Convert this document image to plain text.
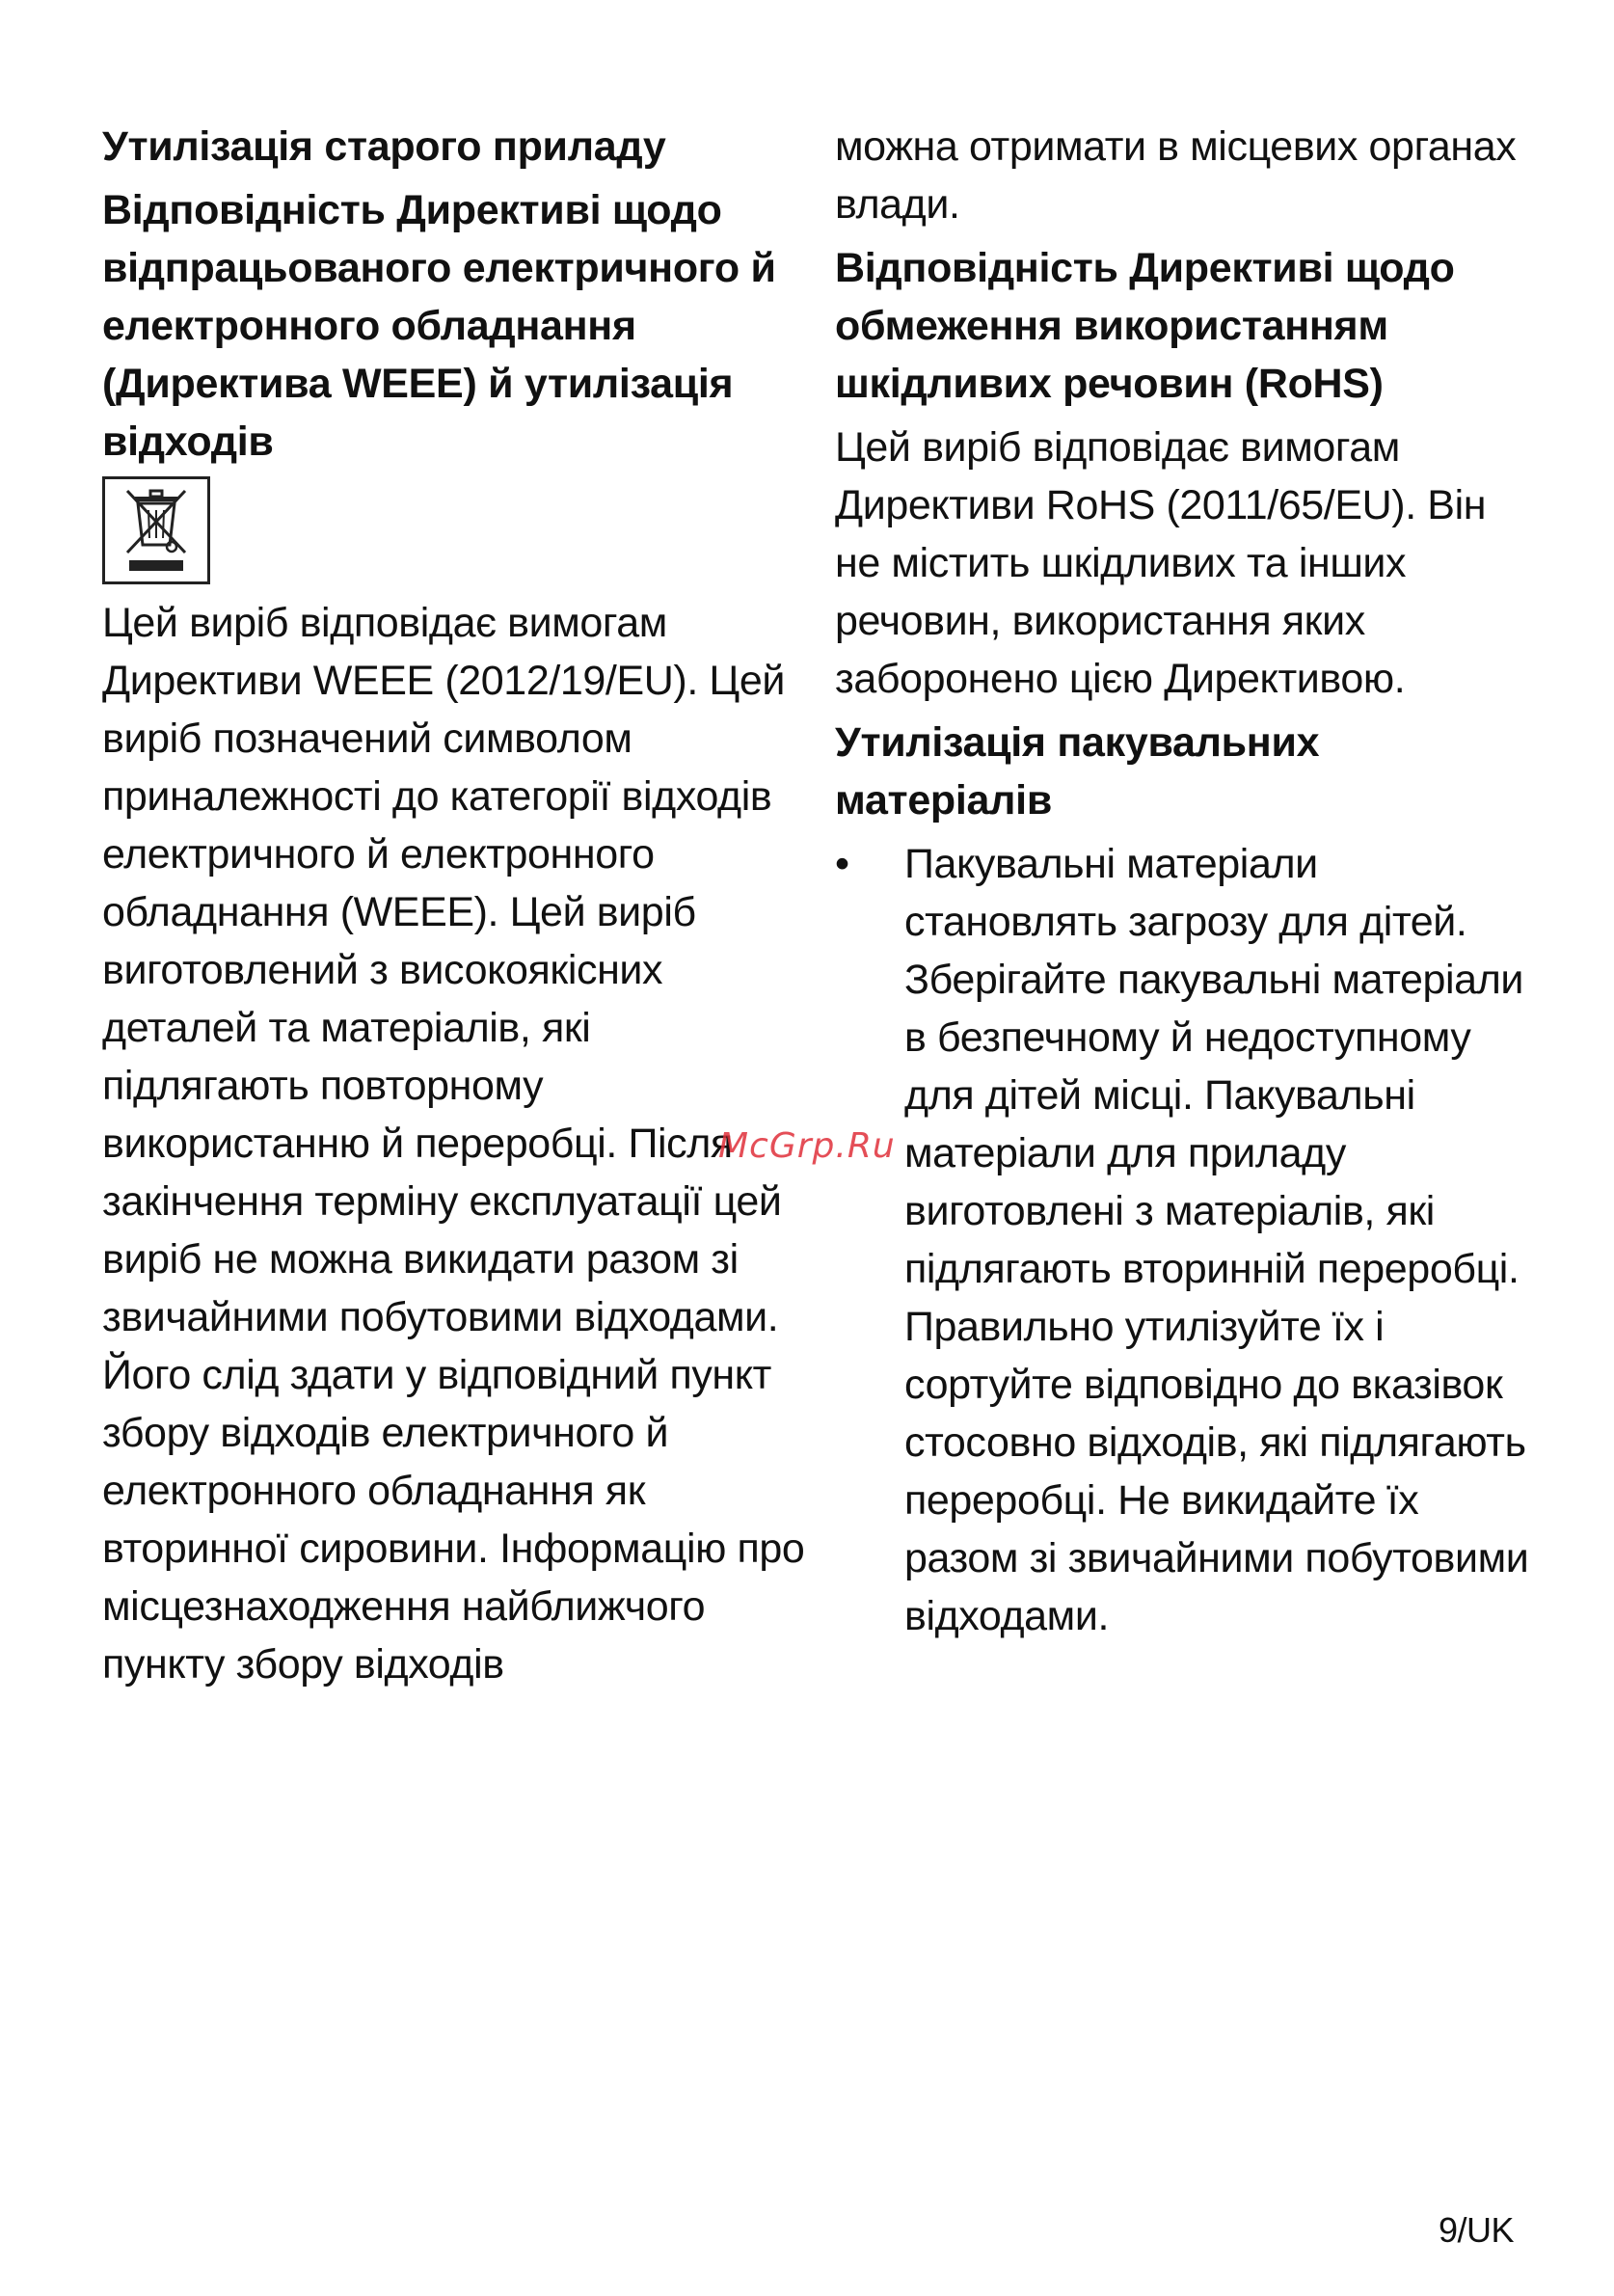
Утилізація старого приладу
Відповідність Директиві щодо відпрацьованого електричного й електронного обладнання (Директива WEEE) й утилізація відходів

Цей виріб відповідає вимогам Директиви WEEE (2012/19/EU). Цей виріб позначений символом приналежності до категорії відходів електричного й електронного обладнання (WEEE). Цей виріб виготовлений з високоякісних деталей та матеріалів, які підлягають повторному використанню й переробці. Після закінчення терміну експлуатації цей виріб не можна викидати разом зі звичайними побутовими відходами. Його слід здати у відповідний пункт збору відходів електричного й електронного обладнання як вторинної сировини. Інформацію про місцезнаходження найближчого пункту збору відходів

можна отримати в місцевих органах влади.

Відповідність Директиві щодо обмеження використанням шкідливих речовин (RoHS)

Цей виріб відповідає вимогам Директиви RoHS (2011/65/EU). Він не містить шкідливих та інших речовин, використання яких заборонено цією Директивою.

Утилізація пакувальних матеріалів
•	Пакувальні матеріали становлять загрозу для дітей. Зберігайте пакувальні матеріали в безпечному й недоступному для дітей місці. Пакувальні матеріали для приладу виготовлені з матеріалів, які підлягають вторинній переробці. Правильно утилізуйте їх і сортуйте відповідно до вказівок стосовно відходів, які підлягають переробці. Не викидайте їх разом зі звичайними побутовими відходами.
McGrp.Ru
9/UK
